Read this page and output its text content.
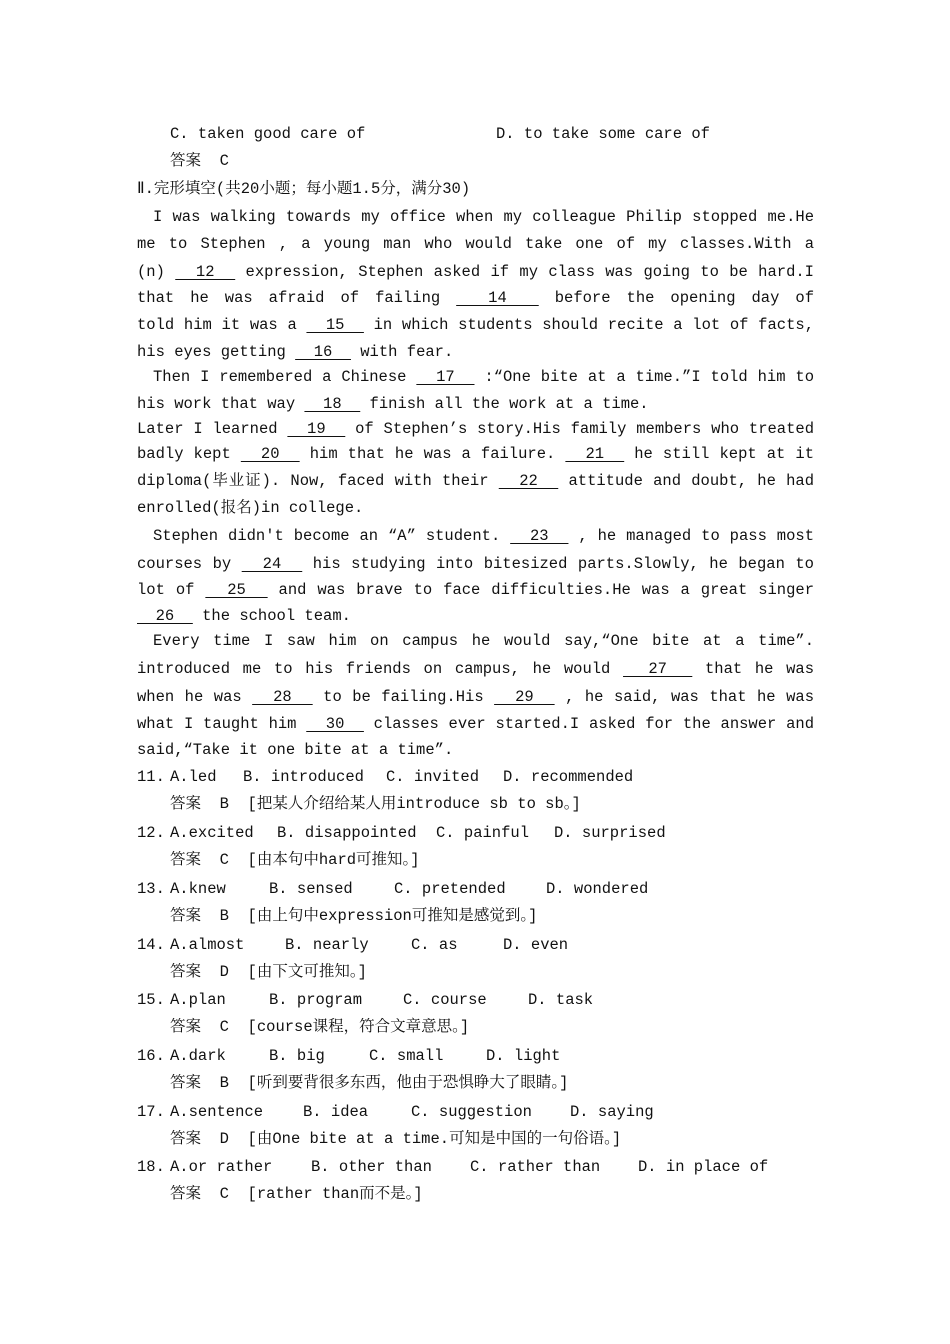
C. taken good care of	D. to take some care of
答案 C
Ⅱ.完形填空(共20小题；每小题1.5分，满分30)
I was walking towards my office when my colleague Philip stopped me.He
me to Stephen , a young man who would take one of my classes.With a
(n)   12   expression, Stephen asked if my class was going to be hard.I
that he was afraid of failing   14   before the opening day of
told him it was a   15   in which students should recite a lot of facts,
his eyes getting   16   with fear.
Then I remembered a Chinese   17   :“One bite at a time.”I told him to
his work that way   18   finish all the work at a time.
Later I learned   19   of Stephen’s story.His family members who treated
badly kept   20   him that he was a failure.   21   he still kept at it
diploma(毕业证). Now, faced with their   22   attitude and doubt, he had
enrolled(报名)in college.
Stephen didn't become an “A” student.   23   , he managed to pass most
courses by   24   his studying into bitesized parts.Slowly, he began to
lot of   25   and was brave to face difficulties.He was a great singer
26   the school team.
Every time I saw him on campus he would say,“One bite at a time”.
introduced me to his friends on campus, he would   27   that he was
when he was   28   to be failing.His   29   , he said, was that he was
what I taught him   30   classes ever started.I asked for the answer and
said,“Take it one bite at a time”.
11. A.led B. introduced C. invited D. recommended
答案 B [把某人介绍给某人用introduce sb to sb。]
12. A.excited B. disappointed C. painful D. surprised
答案 C [由本句中hard可推知。]
13. A.knew	B. sensed	C. pretended	D. wondered
答案 B [由上句中expression可推知是感觉到。]
14. A.almost	B. nearly	C. as	D. even
答案 D [由下文可推知。]
15. A.plan	B. program	C. course	D. task
答案 C [course课程，符合文章意思。]
16. A.dark	B. big	C. small	D. light
答案 B [听到要背很多东西，他由于恐惧睁大了眼睛。]
17. A.sentence	B. idea	C. suggestion D. saying
答案 D [由One bite at a time.可知是中国的一句俗语。]
18. A.or rather B. other than C. rather than D. in place of
答案 C [rather than而不是。]
